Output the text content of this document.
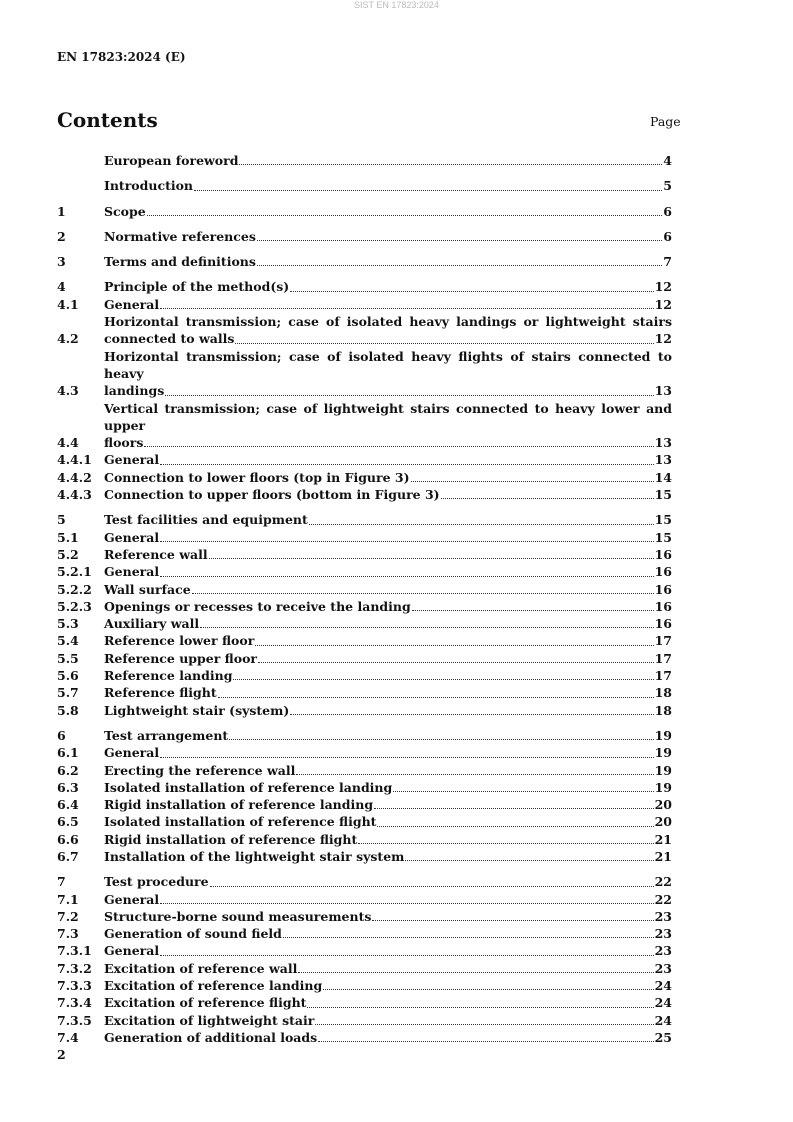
SIST EN 17823:2024
EN 17823:2024 (E)
Contents	Page
European foreword	4
Introduction	5
1	Scope	6
2	Normative references	6
3	Terms and definitions	7
4	Principle of the method(s)	12
4.1	General	12
4.2
Horizontal transmission; case of isolated heavy landings or lightweight stairs
connected to walls	12
4.3
Horizontal transmission; case of isolated heavy flights of stairs connected to heavy
landings	13
4.4
Vertical transmission; case of lightweight stairs connected to heavy lower and upper
floors	13
4.4.1 General	13
4.4.2 Connection to lower floors (top in Figure 3)	14
4.4.3 Connection to upper floors (bottom in Figure 3)	15
5	Test facilities and equipment	15
5.1	General	15
5.2	Reference wall	16
5.2.1 General	16
5.2.2 Wall surface	16
5.2.3 Openings or recesses to receive the landing	16
5.3	Auxiliary wall	16
5.4	Reference lower floor	17
5.5	Reference upper floor	17
5.6	Reference landing	17
5.7	Reference flight	18
5.8	Lightweight stair (system)	18
6	Test arrangement	19
6.1	General	19
6.2	Erecting the reference wall	19
6.3	Isolated installation of reference landing	19
6.4	Rigid installation of reference landing	20
6.5	Isolated installation of reference flight	20
6.6	Rigid installation of reference flight	21
6.7	Installation of the lightweight stair system	21
7	Test procedure	22
7.1	General	22
7.2	Structure-borne sound measurements	23
7.3	Generation of sound field	23
7.3.1 General	23
7.3.2 Excitation of reference wall	23
7.3.3 Excitation of reference landing	24
7.3.4 Excitation of reference flight	24
7.3.5 Excitation of lightweight stair	24
7.4	Generation of additional loads	25
2
